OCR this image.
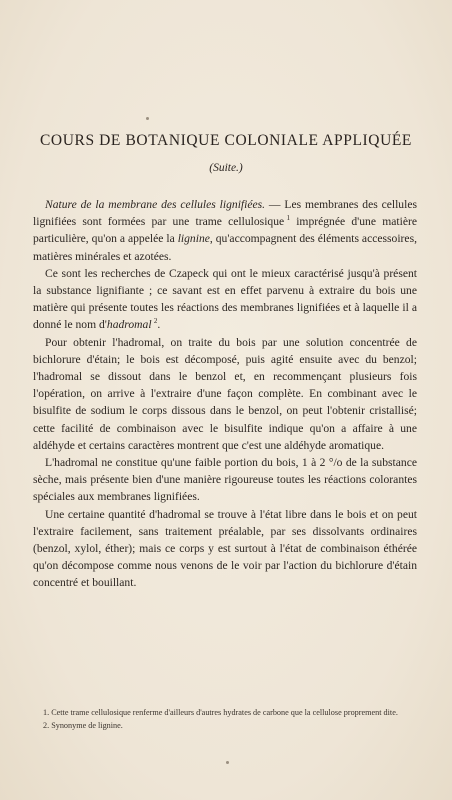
COURS DE BOTANIQUE COLONIALE APPLIQUÉE
(Suite.)

Nature de la membrane des cellules lignifiées. — Les membranes des cellules lignifiées sont formées par une trame cellulosique  $^1$ imprégnée d'une matière particulière, qu'on a appelée la lignine, qu'accompagnent des éléments accessoires, matières minérales et azotées.

Ce sont les recherches de Czapeck qui ont le mieux caractérisé jusqu'à présent la substance lignifiante ; ce savant est en effet parvenu à extraire du bois une matière qui présente toutes les réactions des membranes lignifiées et à laquelle il a donné le nom d'hadromal  $^2$.

Pour obtenir l'hadromal, on traite du bois par une solution concentrée de bichlorure d'étain; le bois est décomposé, puis agité ensuite avec du benzol; l'hadromal se dissout dans le benzol et, en recommençant plusieurs fois l'opération, on arrive à l'extraire d'une façon complète. En combinant avec le bisulfite de sodium le corps dissous dans le benzol, on peut l'obtenir cristallisé; cette facilité de combinaison avec le bisulfite indique qu'on a affaire à une aldéhyde et certains caractères montrent que c'est une aldéhyde aromatique.

L'hadromal ne constitue qu'une faible portion du bois, 1 à 2 °/o de la substance sèche, mais présente bien d'une manière rigoureuse toutes les réactions colorantes spéciales aux membranes lignifiées.

Une certaine quantité d'hadromal se trouve à l'état libre dans le bois et on peut l'extraire facilement, sans traitement préalable, par ses dissolvants ordinaires (benzol, xylol, éther); mais ce corps y est surtout à l'état de combinaison éthérée qu'on décompose comme nous venons de le voir par l'action du bichlorure d'étain concentré et bouillant.

1. Cette trame cellulosique renferme d'ailleurs d'autres hydrates de carbone que la cellulose proprement dite.

2. Synonyme de lignine.
